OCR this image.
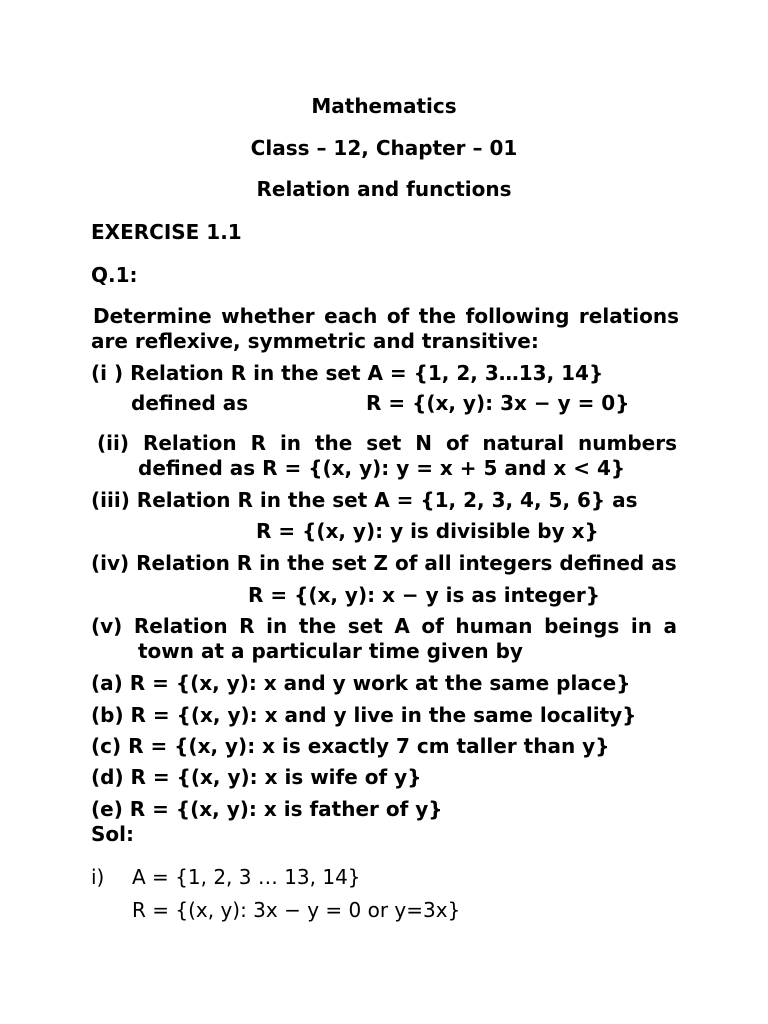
Mathematics
Class – 12, Chapter – 01
Relation and functions
EXERCISE 1.1
Q.1:
Determine whether each of the following relations
are reflexive, symmetric and transitive:
(i ) Relation R in the set A = {1, 2, 3…13, 14}
defined as	R = {(x, y): 3x − y = 0}
(ii) Relation R in the set N of natural numbers
defined as R = {(x, y): y = x + 5 and x < 4}
(iii) Relation R in the set A = {1, 2, 3, 4, 5, 6} as
R = {(x, y): y is divisible by x}
(iv) Relation R in the set Z of all integers defined as
R = {(x, y): x − y is as integer}
(v) Relation R in the set A of human beings in a
town at a particular time given by
(a) R = {(x, y): x and y work at the same place}
(b) R = {(x, y): x and y live in the same locality}
(c) R = {(x, y): x is exactly 7 cm taller than y}
(d) R = {(x, y): x is wife of y}
(e) R = {(x, y): x is father of y}
Sol:
i) A = {1, 2, 3 … 13, 14}
R = {(x, y): 3x − y = 0 or y=3x}
